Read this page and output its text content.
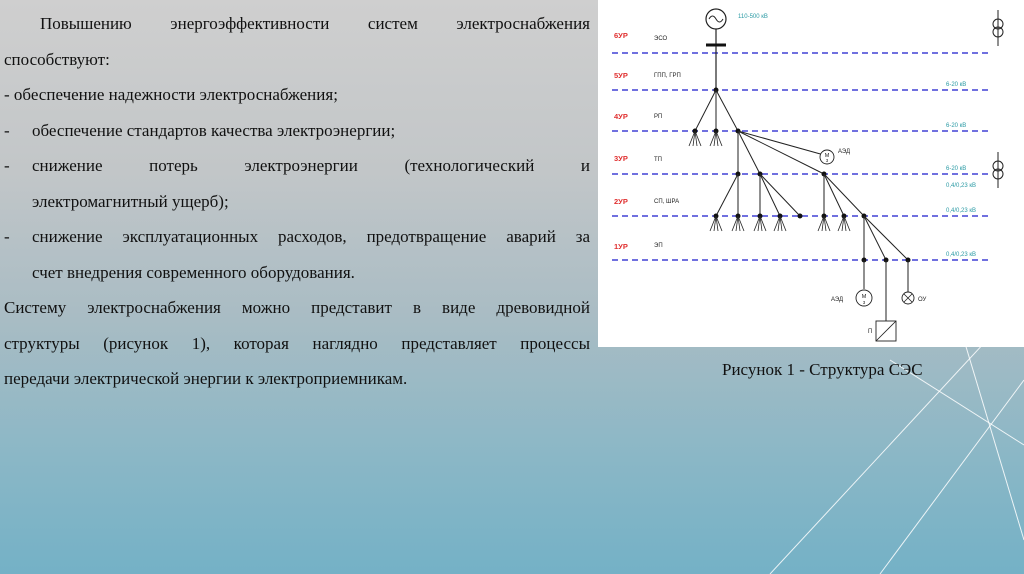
Повышению энергоэффективности систем электроснабжения

способствуют:

- обеспечение надежности электроснабжения;

-	обеспечение стандартов качества электроэнергии;
-	снижение потерь электроэнергии (технологический и
электромагнитный ущерб);
-	снижение эксплуатационных расходов, предотвращение аварий за
счет внедрения современного оборудования.

Систему электроснабжения можно представит в виде древовидной

структуры (рисунок 1), которая наглядно представляет процессы

передачи электрической энергии к электроприемникам.

6УР	ЭСО
5УР	ГПП, ГРП
6-20 кВ
4УР	РП
6-20 кВ
3УР	ТП
6-20 кВ
2УР	СП, ШРА
0,4/0,23 кВ
1УР	ЭП
0,4/0,23 кВ
0,4/0,23 кВ
110-500 кВ
M
3
АЭД
M
3
АЭД	ОУ
П
Рисунок 1 - Структура СЭС
